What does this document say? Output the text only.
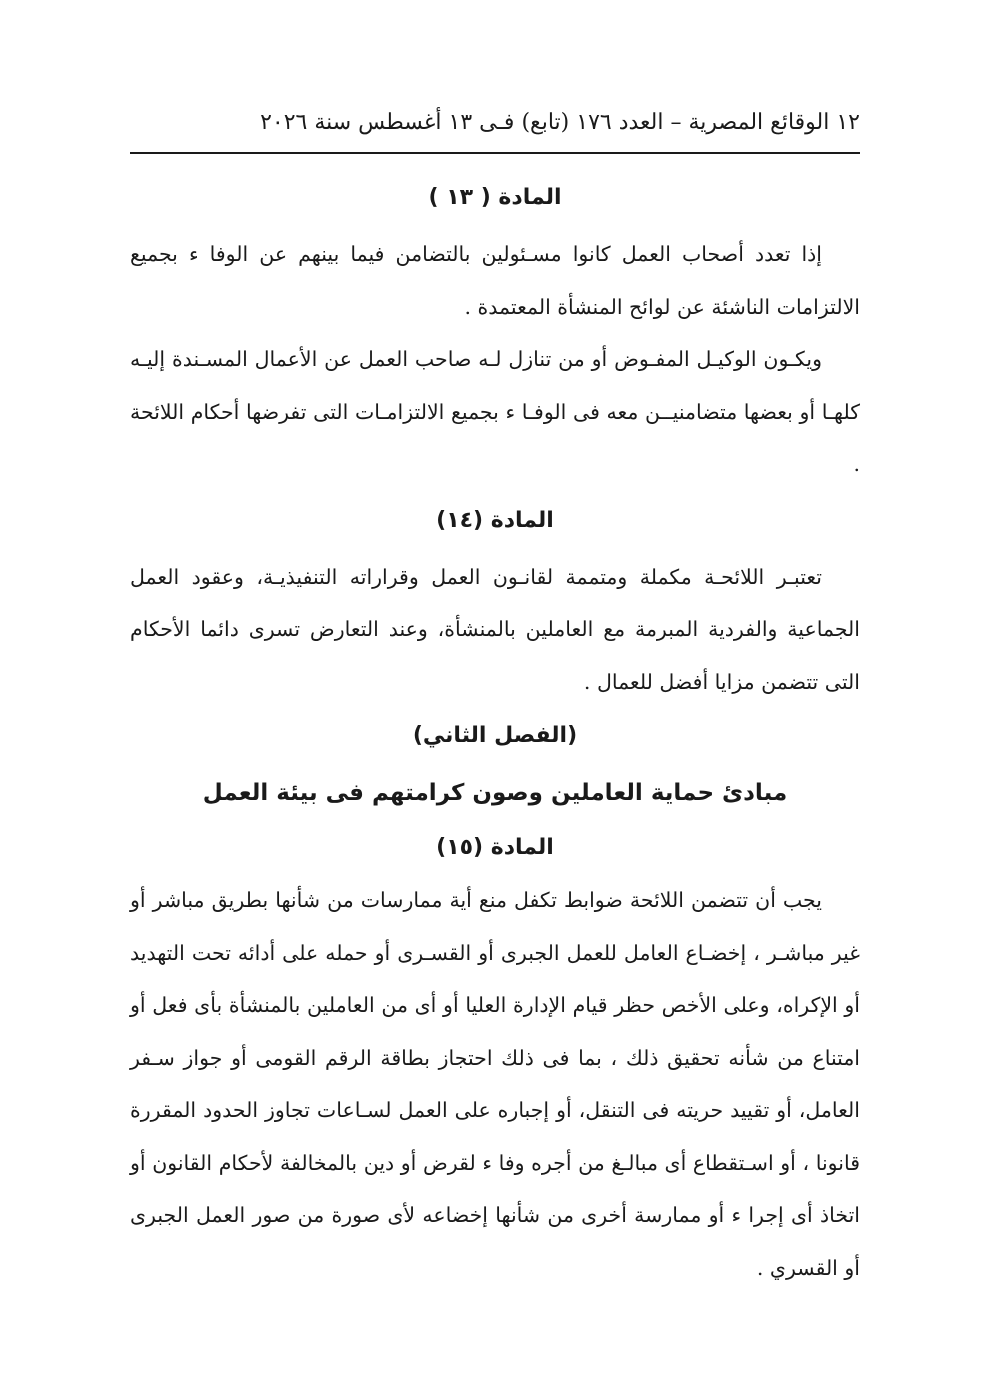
١٢ الوقائع المصرية – العدد ١٧٦ (تابع) فـى ١٣ أغسطس سنة ٢٠٢٦
المادة ( ١٣ )

إذا تعدد أصحاب العمل كانوا مسـئولين بالتضامن فيما بينهم عن الوفا ء بجميع الالتزامات الناشئة عن لوائح المنشأة المعتمدة .

ويكـون الوكيـل المفـوض أو من تنازل لـه صاحب العمل عن الأعمال المسـندة إليـه كلهـا أو بعضها متضامنيــن معه فى الوفـا ء بجميع الالتزامـات التى تفرضها أحكام اللائحة .

المادة (١٤)

تعتبـر اللائحـة مكملة ومتممة لقانـون العمل وقراراته التنفيذيـة، وعقود العمل الجماعية والفردية المبرمة مع العاملين بالمنشأة، وعند التعارض تسرى دائما الأحكام التى تتضمن مزايا أفضل للعمال .

(الفصل الثاني)
مبادئ حماية العاملين وصون كرامتهم فى بيئة العمل
المادة (١٥)

يجب أن تتضمن اللائحة ضوابط تكفل منع أية ممارسات من شأنها بطريق مباشر أو غير مباشـر ، إخضـاع العامل للعمل الجبرى أو القسـرى أو حمله على أدائه تحت التهديد أو الإكراه، وعلى الأخص حظر قيام الإدارة العليا أو أى من العاملين بالمنشأة بأى فعل أو امتناع من شأنه تحقيق ذلك ، بما فى ذلك احتجاز بطاقة الرقم القومى أو جواز سـفر العامل، أو تقييد حريته فى التنقل، أو إجباره على العمل لسـاعات تجاوز الحدود المقررة قانونا ، أو اسـتقطاع أى مبالـغ من أجره وفا ء لقرض أو دين بالمخالفة لأحكام القانون أو اتخاذ أى إجرا ء أو ممارسة أخرى من شأنها إخضاعه لأى صورة من صور العمل الجبرى أو القسري .
